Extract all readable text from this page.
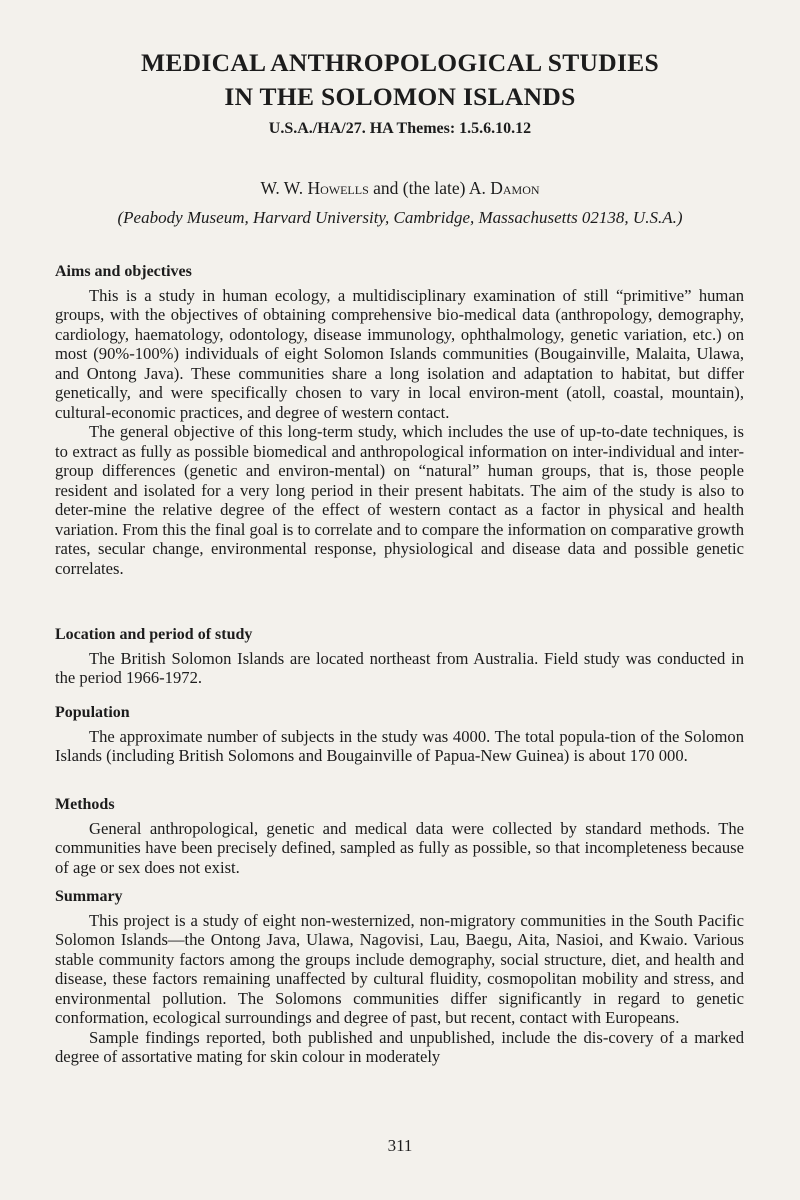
MEDICAL ANTHROPOLOGICAL STUDIES
IN THE SOLOMON ISLANDS
U.S.A./HA/27. HA Themes: 1.5.6.10.12
W. W. Howells and (the late) A. Damon
(Peabody Museum, Harvard University, Cambridge, Massachusetts 02138, U.S.A.)
Aims and objectives

This is a study in human ecology, a multidisciplinary examination of still “primitive” human groups, with the objectives of obtaining comprehensive bio-medical data (anthropology, demography, cardiology, haematology, odontology, disease immunology, ophthalmology, genetic variation, etc.) on most (90%-100%) individuals of eight Solomon Islands communities (Bougainville, Malaita, Ulawa, and Ontong Java). These communities share a long isolation and adaptation to habitat, but differ genetically, and were specifically chosen to vary in local environ-ment (atoll, coastal, mountain), cultural-economic practices, and degree of western contact.

The general objective of this long-term study, which includes the use of up-to-date techniques, is to extract as fully as possible biomedical and anthropological information on inter-individual and inter-group differences (genetic and environ-mental) on “natural” human groups, that is, those people resident and isolated for a very long period in their present habitats. The aim of the study is also to deter-mine the relative degree of the effect of western contact as a factor in physical and health variation. From this the final goal is to correlate and to compare the information on comparative growth rates, secular change, environmental response, physiological and disease data and possible genetic correlates.

Location and period of study

The British Solomon Islands are located northeast from Australia. Field study was conducted in the period 1966-1972.

Population

The approximate number of subjects in the study was 4000. The total popula-tion of the Solomon Islands (including British Solomons and Bougainville of Papua-New Guinea) is about 170 000.

Methods

General anthropological, genetic and medical data were collected by standard methods. The communities have been precisely defined, sampled as fully as possible, so that incompleteness because of age or sex does not exist.

Summary

This project is a study of eight non-westernized, non-migratory communities in the South Pacific Solomon Islands—the Ontong Java, Ulawa, Nagovisi, Lau, Baegu, Aita, Nasioi, and Kwaio. Various stable community factors among the groups include demography, social structure, diet, and health and disease, these factors remaining unaffected by cultural fluidity, cosmopolitan mobility and stress, and environmental pollution. The Solomons communities differ significantly in regard to genetic conformation, ecological surroundings and degree of past, but recent, contact with Europeans.

Sample findings reported, both published and unpublished, include the dis-covery of a marked degree of assortative mating for skin colour in moderately

311
